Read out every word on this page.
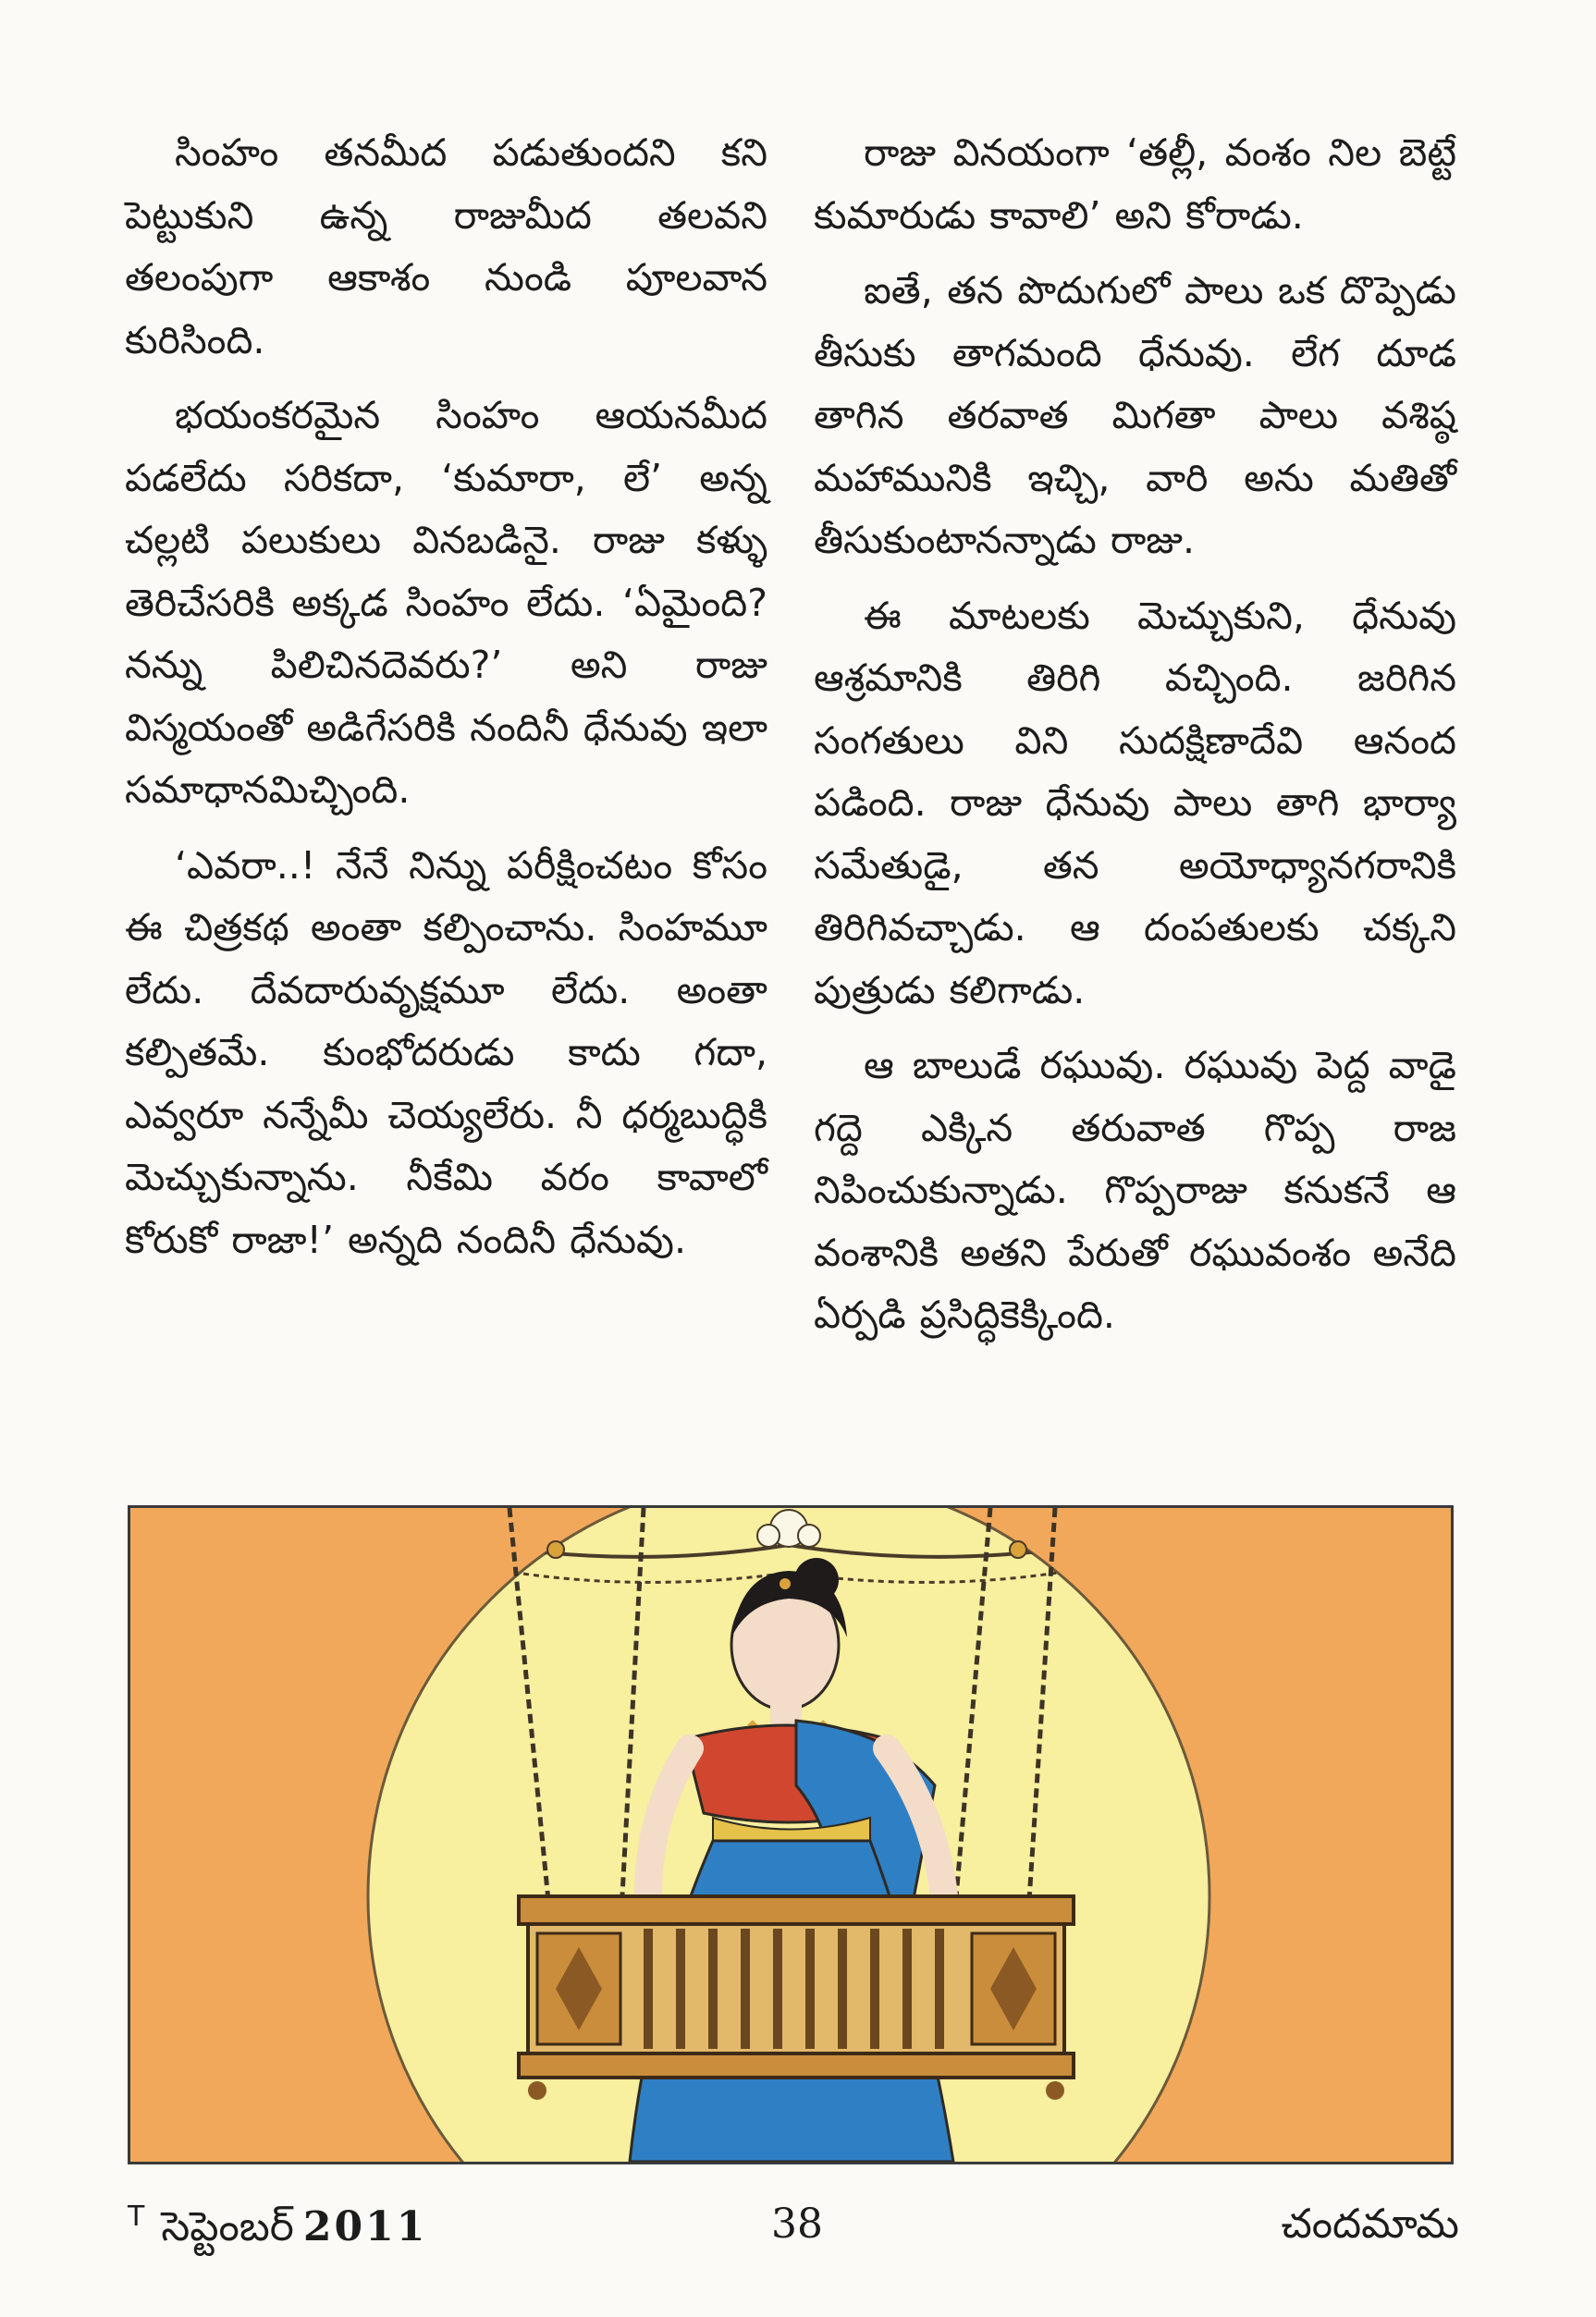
సింహం తనమీద పడుతుందని కని పెట్టుకుని ఉన్న రాజుమీద తలవని తలంపుగా ఆకాశం నుండి పూలవాన కురిసింది.

భయంకరమైన సింహం ఆయనమీద పడలేదు సరికదా, ‘కుమారా, లే’ అన్న చల్లటి పలుకులు వినబడినై. రాజు కళ్ళు తెరిచేసరికి అక్కడ సింహం లేదు. ‘ఏమైంది? నన్ను పిలిచినదెవరు?’ అని రాజు విస్మయంతో అడిగేసరికి నందినీ ధేనువు ఇలా సమాధానమిచ్చింది.

‘ఎవరా..! నేనే నిన్ను పరీక్షించటం కోసం ఈ చిత్రకథ అంతా కల్పించాను. సింహమూ లేదు. దేవదారువృక్షమూ లేదు. అంతా కల్పితమే. కుంభోదరుడు కాదు గదా, ఎవ్వరూ నన్నేమీ చెయ్యలేరు. నీ ధర్మబుద్ధికి మెచ్చుకున్నాను. నీకేమి వరం కావాలో కోరుకో రాజా!’ అన్నది నందినీ ధేనువు.

రాజు వినయంగా ‘తల్లీ, వంశం నిల బెట్టే కుమారుడు కావాలి’ అని కోరాడు.

ఐతే, తన పొదుగులో పాలు ఒక దొప్పెడు తీసుకు తాగమంది ధేనువు. లేగ దూడ తాగిన తరవాత మిగతా పాలు వశిష్ఠ మహామునికి ఇచ్చి, వారి అను మతితో తీసుకుంటానన్నాడు రాజు.

ఈ మాటలకు మెచ్చుకుని, ధేనువు ఆశ్రమానికి తిరిగి వచ్చింది. జరిగిన సంగతులు విని సుదక్షిణాదేవి ఆనంద పడింది. రాజు ధేనువు పాలు తాగి భార్యా సమేతుడై, తన అయోధ్యానగరానికి తిరిగివచ్చాడు. ఆ దంపతులకు చక్కని పుత్రుడు కలిగాడు.

ఆ బాలుడే రఘువు. రఘువు పెద్ద వాడై గద్దె ఎక్కిన తరువాత గొప్ప రాజ నిపించుకున్నాడు. గొప్పరాజు కనుకనే ఆ వంశానికి అతని పేరుతో రఘువంశం అనేది ఏర్పడి ప్రసిద్ధికెక్కింది.

$^T$ సెప్టెంబర్ 2011	38	చందమామ
